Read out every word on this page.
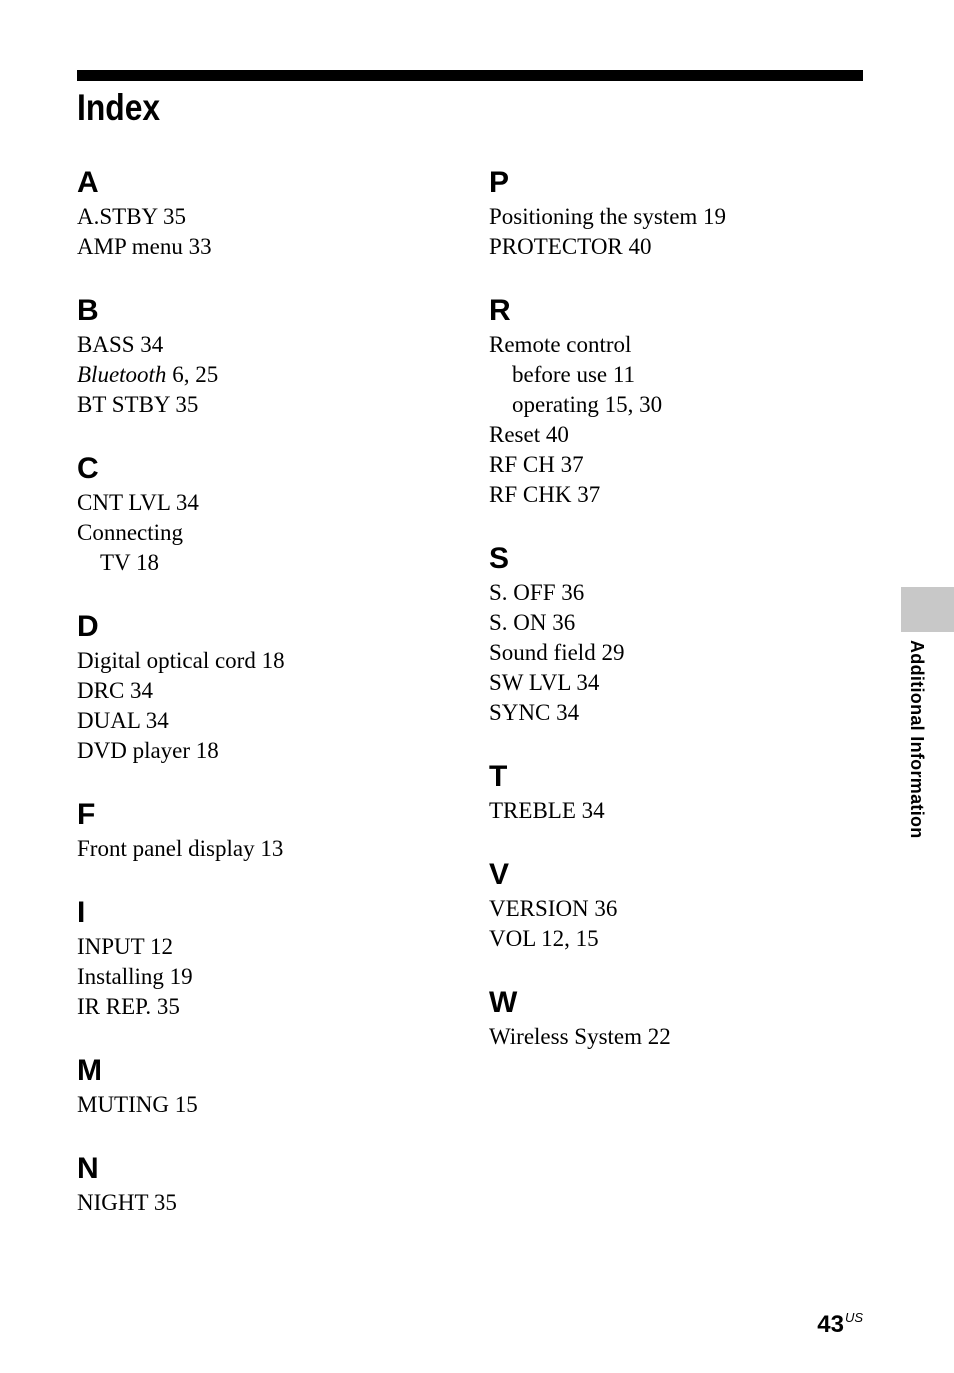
Index
A
A.STBY 35
AMP menu 33
B
BASS 34
Bluetooth 6, 25
BT STBY 35
C
CNT LVL 34
Connecting
TV 18
D
Digital optical cord 18
DRC 34
DUAL 34
DVD player 18
F
Front panel display 13
I
INPUT 12
Installing 19
IR REP. 35
M
MUTING 15
N
NIGHT 35
P
Positioning the system 19
PROTECTOR 40
R
Remote control
before use 11
operating 15, 30
Reset 40
RF CH 37
RF CHK 37
S
S. OFF 36
S. ON 36
Sound field 29
SW LVL 34
SYNC 34
T
TREBLE 34
V
VERSION 36
VOL 12, 15
W
Wireless System 22
Additional Information
$43^{US}$
